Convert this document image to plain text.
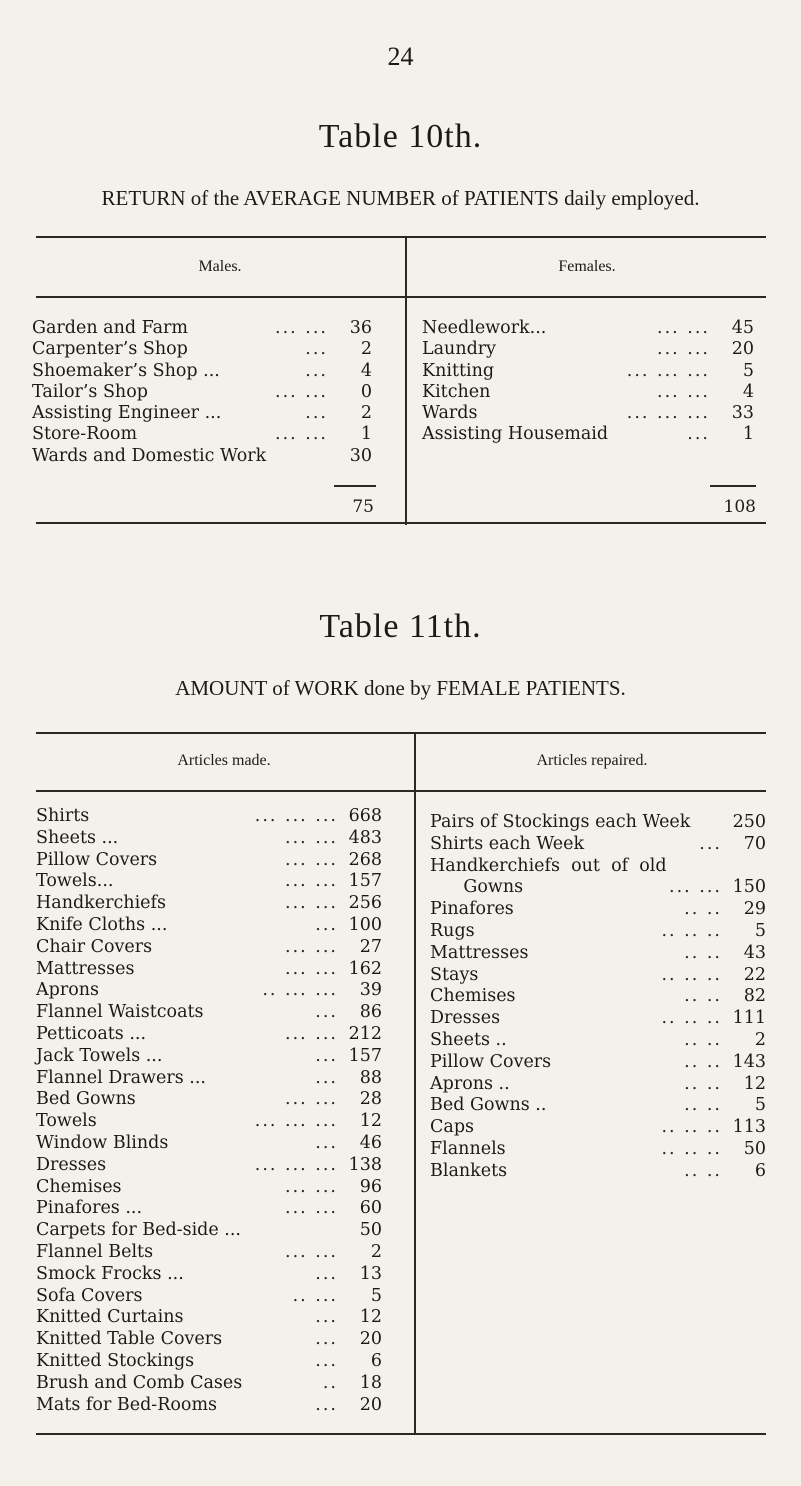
24
Table 10th.
RETURN of the AVERAGE NUMBER of PATIENTS daily employed.
Males.	Females.
Garden and Farm	... ...	36
Carpenter’s Shop	...	2
Shoemaker’s Shop ...	...	4
Tailor’s Shop	... ...	0
Assisting Engineer ...	...	2
Store-Room	... ...	1
Wards and Domestic Work	30
75
Needlework...	... ...	45
Laundry	... ...	20
Knitting	... ... ...	5
Kitchen	... ...	4
Wards	... ... ...	33
Assisting Housemaid	...	1
108
Table 11th.
AMOUNT of WORK done by FEMALE PATIENTS.
Articles made.	Articles repaired.
Shirts	... ... ... 668
Sheets ...	... ... 483
Pillow Covers	... ... 268
Towels...	... ... 157
Handkerchiefs	... ... 256
Knife Cloths ...	... 100
Chair Covers	... ...	27
Mattresses	... ... 162
Aprons	.. ... ...	39
Flannel Waistcoats	...	86
Petticoats ...	... ... 212
Jack Towels ...	... 157
Flannel Drawers ...	...	88
Bed Gowns	... ...	28
Towels	... ... ...	12
Window Blinds	...	46
Dresses	... ... ... 138
Chemises	... ...	96
Pinafores ...	... ...	60
Carpets for Bed-side ...	50
Flannel Belts	... ...	2
Smock Frocks ...	...	13
Sofa Covers	.. ...	5
Knitted Curtains	...	12
Knitted Table Covers	...	20
Knitted Stockings	...	6
Brush and Comb Cases	..	18
Mats for Bed-Rooms	...	20
Pairs of Stockings each Week 250
Shirts each Week	...	70
Handkerchiefs  out  of  old
Gowns	... ... 150
Pinafores	.. ..	29
Rugs	.. .. ..	5
Mattresses	.. ..	43
Stays	.. .. ..	22
Chemises	.. ..	82
Dresses	.. .. .. 111
Sheets ..	.. ..	2
Pillow Covers	.. .. 143
Aprons ..	.. ..	12
Bed Gowns ..	.. ..	5
Caps	.. .. .. 113
Flannels	.. .. ..	50
Blankets	.. ..	6
